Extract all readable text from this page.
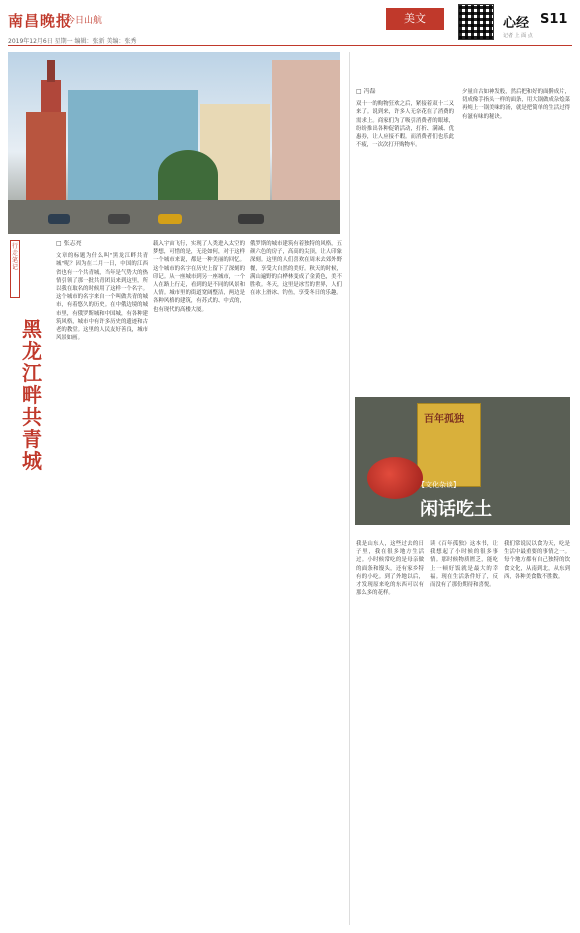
南昌晚报
今日山航
2019年12月6日 星期一 编辑：张新 美编：张秀
美文	心经 S11
记者 上 面 点
行走笔记
黑龙江畔共青城
□ 张志亮
文章的标题为什么叫"黑龙江畔共青城"呢？因为在二月一日，中国的江西省也有一个共青城，当年是气势大的热情引领了那一批共青团员来到这里，所以我在取名的时候用了这样一个名字。这个城市的名字来自一个叫做共青的城市，有着悠久的历史。在中俄边境的城市里，有俄罗斯城和中国城，有各种建筑风格，城市中有许多历史的遗迹和古老的教堂。这里的人民友好善良，城市风景如画。
载入宇宙飞行，实现了人类进入太空的梦想，可惜的是，无论如何，对于这样一个城市来说，都是一种美丽的回忆。这个城市的名字在历史上留下了深刻的印记。从一座城市到另一座城市，一个人在路上行走，看到的是不同的风景和人情。城市里的街道宽阔整洁，两边是各种风格的建筑，有苏式的、中式的，也有现代的高楼大厦。
俄罗斯的城市建筑有着独特的风格，五颜六色的房子，高高的尖顶，让人印象深刻。这里的人们喜欢在周末去郊外野餐，享受大自然的美好。秋天的时候，满山遍野的白桦林变成了金黄色，美不胜收。冬天，这里是冰雪的世界，人们在冰上滑冰、钓鱼，享受冬日的乐趣。
□ 冯磊
双十一的购物狂欢之后，紧接着双十二又来了。说到来，许多人无奈花在了消费的需求上。商家们为了吸引消费者的眼球，纷纷推出各种促销活动，打折、满减、优惠券，让人应接不暇。而消费者们也乐此不疲，一次次打开购物车。
夕量自古如神发般，然后把和好的面擀成片，切成像手指头一样的面条，用大锅做成杂烩菜再炖上一锅美味的汤，就是把简单的生活过得有滋有味的秘诀。
百年孤独
【文化杂谈】
闲话吃土
我是山东人，这些过去的日子里，我在很多地方生活过。小时候常吃的是母亲做的面条和馒头，还有家乡特有的小吃。到了外地以后，才发现原来吃的东西可以有那么多的花样。
读《百年孤独》这本书，让我想起了小时候的很多事情。那时候物质匮乏，能吃上一顿好饭就是最大的幸福。现在生活条件好了，反而没有了那份期待和喜悦。
我们常说民以食为天，吃是生活中最重要的事情之一。每个地方都有自己独特的饮食文化，从南到北，从东到西，各种美食数不胜数。
